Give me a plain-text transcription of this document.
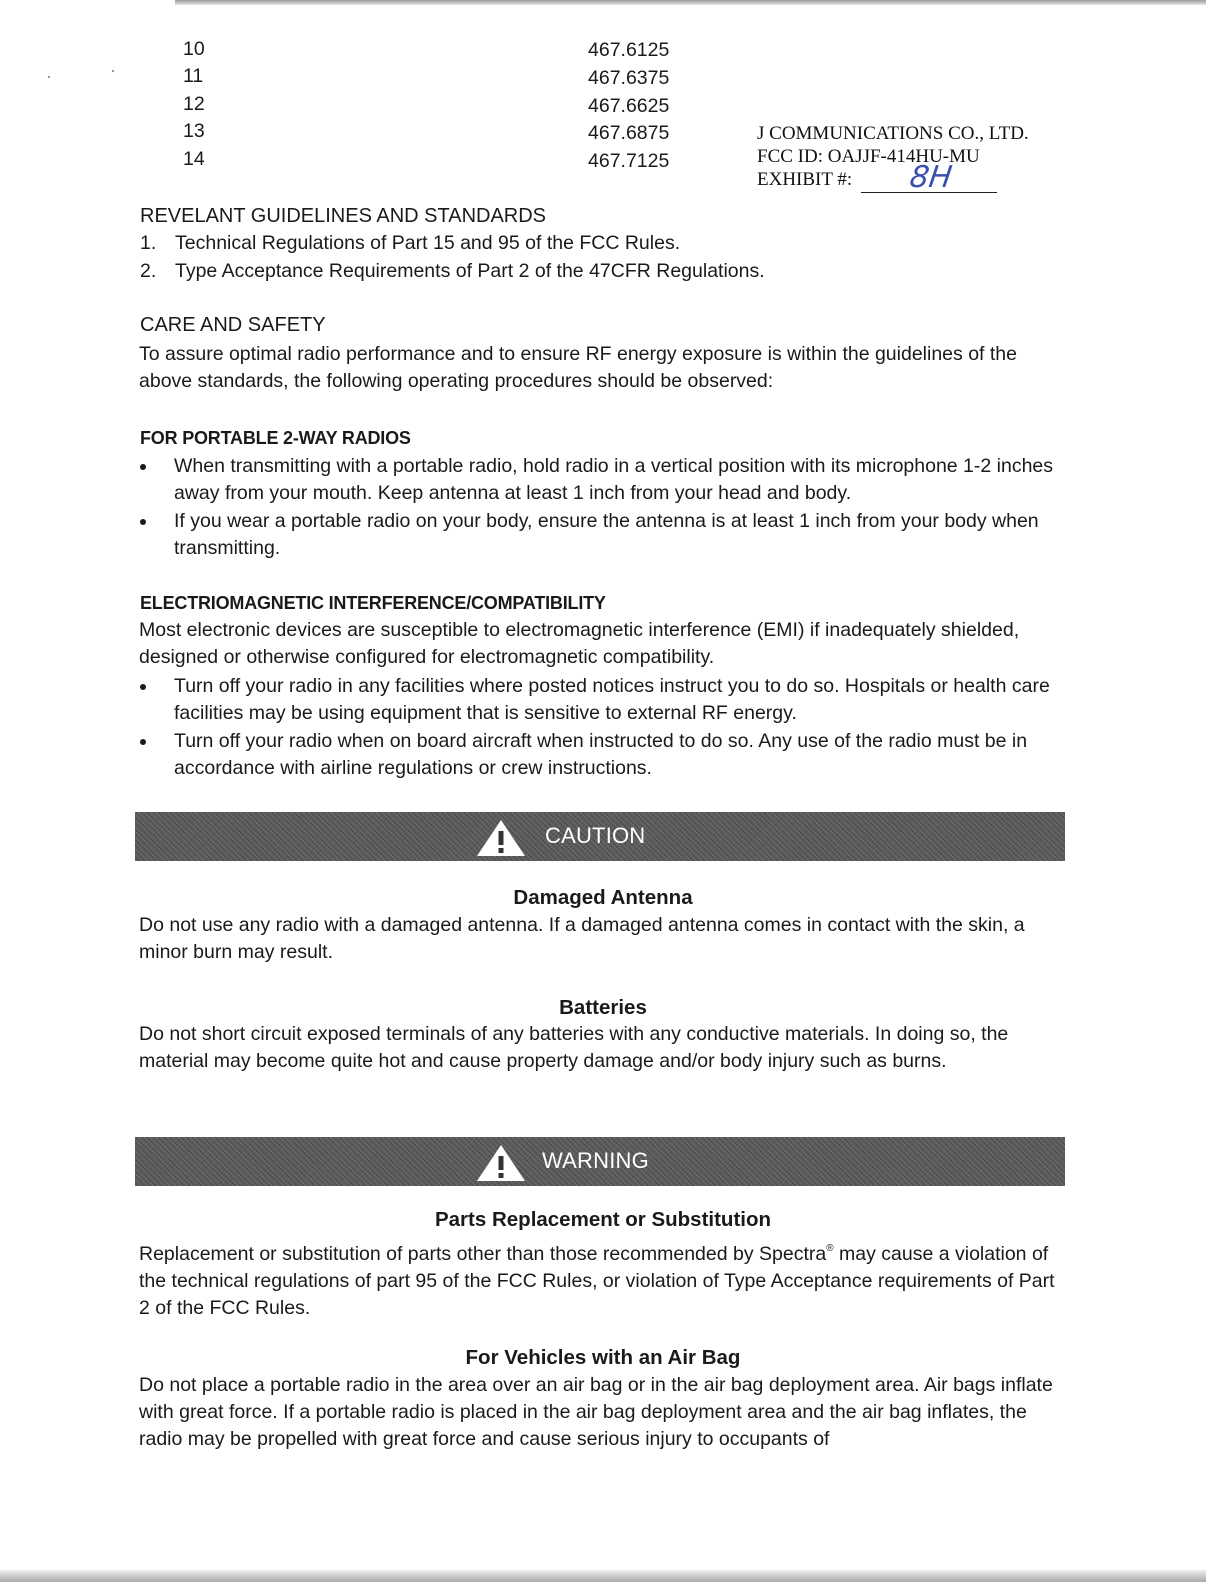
10	467.6125
11	467.6375
12	467.6625
13	467.6875
14	467.7125
J COMMUNICATIONS CO., LTD.
FCC ID: OAJJF-414HU-MU
EXHIBIT #: 8H
REVELANT GUIDELINES AND STANDARDS
1. Technical Regulations of Part 15 and 95 of the FCC Rules.
2. Type Acceptance Requirements of Part 2 of the 47CFR Regulations.
CARE AND SAFETY

To assure optimal radio performance and to ensure RF energy exposure is within the guidelines of the above standards, the following operating procedures should be observed:

FOR PORTABLE 2-WAY RADIOS
When transmitting with a portable radio, hold radio in a vertical position with its microphone 1-2 inches away from your mouth. Keep antenna at least 1 inch from your head and body.
If you wear a portable radio on your body, ensure the antenna is at least 1 inch from your body when transmitting.
ELECTRIOMAGNETIC INTERFERENCE/COMPATIBILITY

Most electronic devices are susceptible to electromagnetic interference (EMI) if inadequately shielded, designed or otherwise configured for electromagnetic compatibility.

Turn off your radio in any facilities where posted notices instruct you to do so. Hospitals or health care facilities may be using equipment that is sensitive to external RF energy.
Turn off your radio when on board aircraft when instructed to do so. Any use of the radio must be in accordance with airline regulations or crew instructions.
CAUTION
Damaged Antenna

Do not use any radio with a damaged antenna. If a damaged antenna comes in contact with the skin, a minor burn may result.

Batteries

Do not short circuit exposed terminals of any batteries with any conductive materials. In doing so, the material may become quite hot and cause property damage and/or body injury such as burns.

WARNING
Parts Replacement or Substitution

Replacement or substitution of parts other than those recommended by Spectra® may cause a violation of the technical regulations of part 95 of the FCC Rules, or violation of Type Acceptance requirements of Part 2 of the FCC Rules.

For Vehicles with an Air Bag

Do not place a portable radio in the area over an air bag or in the air bag deployment area. Air bags inflate with great force. If a portable radio is placed in the air bag deployment area and the air bag inflates, the radio may be propelled with great force and cause serious injury to occupants of
